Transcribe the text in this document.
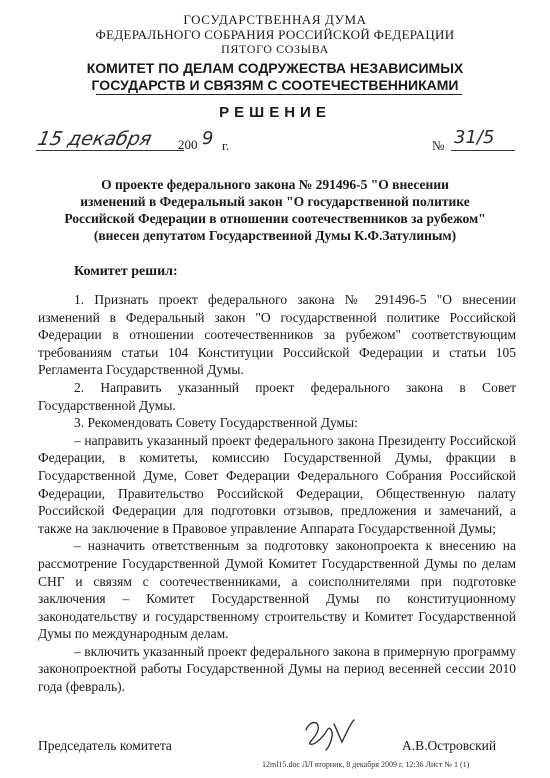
ГОСУДАРСТВЕННАЯ ДУМА
ФЕДЕРАЛЬНОГО СОБРАНИЯ РОССИЙСКОЙ ФЕДЕРАЦИИ
ПЯТОГО СОЗЫВА
КОМИТЕТ ПО ДЕЛАМ СОДРУЖЕСТВА НЕЗАВИСИМЫХ
ГОСУДАРСТВ И СВЯЗЯМ С СООТЕЧЕСТВЕННИКАМИ
РЕШЕНИЕ
15 декабря 200 9 г.	№ 31/5
О проекте федерального закона № 291496-5 "О внесении
изменений в Федеральный закон "О государственной политике
Российской Федерации в отношении соотечественников за рубежом"
(внесен депутатом Государственной Думы К.Ф.Затулиным)
Комитет решил:

1. Признать проект федерального закона № 291496-5 "О внесении изменений в Федеральный закон "О государственной политике Российской Федерации в отношении соотечественников за рубежом" соответствующим требованиям статьи 104 Конституции Российской Федерации и статьи 105 Регламента Государственной Думы.

2. Направить указанный проект федерального закона в Совет Государственной Думы.

3. Рекомендовать Совету Государственной Думы:

– направить указанный проект федерального закона Президенту Российской Федерации, в комитеты, комиссию Государственной Думы, фракции в Государственной Думе, Совет Федерации Федерального Собрания Российской Федерации, Правительство Российской Федерации, Общественную палату Российской Федерации для подготовки отзывов, предложения и замечаний, а также на заключение в Правовое управление Аппарата Государственной Думы;

– назначить ответственным за подготовку законопроекта к внесению на рассмотрение Государственной Думой Комитет Государственной Думы по делам СНГ и связям с соотечественниками, а соисполнителями при подготовке заключения – Комитет Государственной Думы по конституционному законодательству и государственному строительству и Комитет Государственной Думы по международным делам.

– включить указанный проект федерального закона в примерную программу законопроектной работы Государственной Думы на период весенней сессии 2010 года (февраль).

Председатель комитета	А.В.Островский
12ml15.doc ЛЛ вторник, 8 декабря 2009 г. 12:36 Лист № 1 (1)
